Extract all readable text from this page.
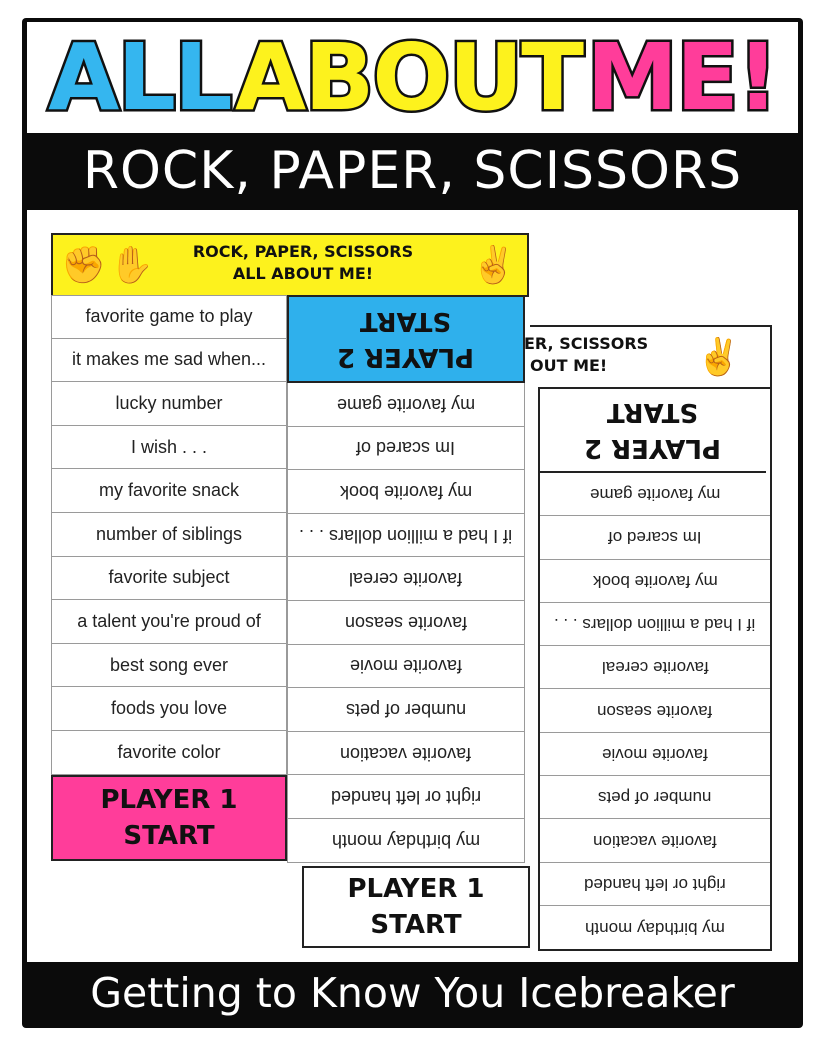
ALL ABOUT ME!
ROCK, PAPER, SCISSORS
✊ ✋	ROCK, PAPER, SCISSORS
ALL ABOUT ME!	✌
favorite game to play
it makes me sad when...
lucky number
I wish . . .
my favorite snack
number of siblings
favorite subject
a talent you're proud of
best song ever
foods you love
favorite color
my favorite game
Im scared of
my favorite book
if I had a million dollars . . .
favorite cereal
favorite season
favorite movie
number of pets
favorite vacation
right or left handed
my birthday month
PLAYER 2
START
PLAYER 1
START
ER, SCISSORS
OUT ME!	✌
PLAYER 2
START
my favorite game
Im scared of
my favorite book
if I had a million dollars . . .
favorite cereal
favorite season
favorite movie
number of pets
favorite vacation
right or left handed
my birthday month
PLAYER 1
START
Getting to Know You Icebreaker
